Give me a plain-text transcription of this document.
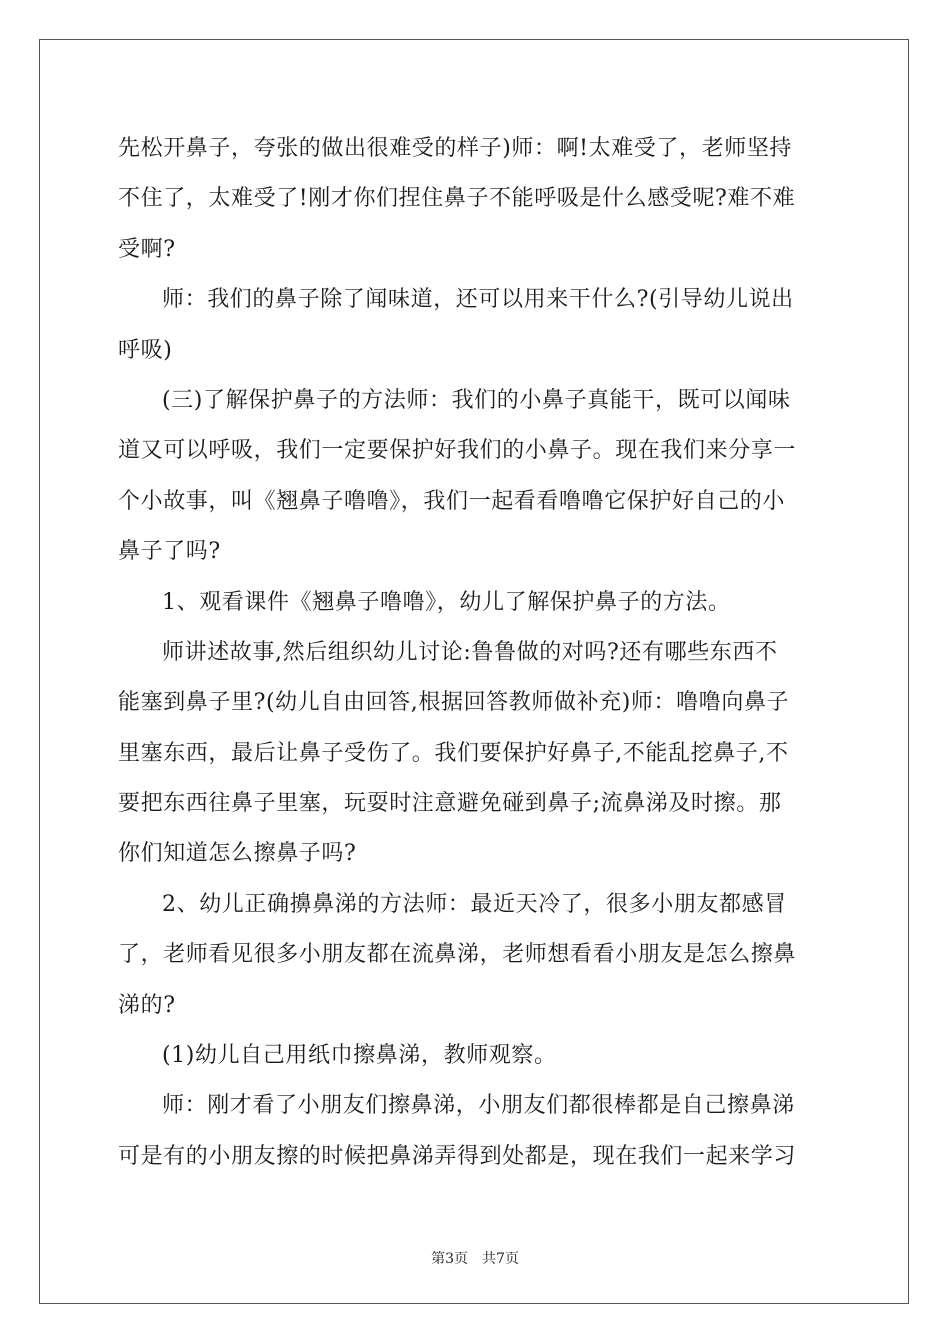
先松开鼻子，夸张的做出很难受的样子)师：啊!太难受了，老师坚持
不住了，太难受了!刚才你们捏住鼻子不能呼吸是什么感受呢?难不难
受啊?
师：我们的鼻子除了闻味道，还可以用来干什么?(引导幼儿说出
呼吸)
(三)了解保护鼻子的方法师：我们的小鼻子真能干，既可以闻味
道又可以呼吸，我们一定要保护好我们的小鼻子。现在我们来分享一
个小故事，叫《翘鼻子噜噜》，我们一起看看噜噜它保护好自己的小
鼻子了吗?
1、观看课件《翘鼻子噜噜》，幼儿了解保护鼻子的方法。
师讲述故事,然后组织幼儿讨论:鲁鲁做的对吗?还有哪些东西不
能塞到鼻子里?(幼儿自由回答,根据回答教师做补充)师：噜噜向鼻子
里塞东西，最后让鼻子受伤了。我们要保护好鼻子,不能乱挖鼻子,不
要把东西往鼻子里塞，玩耍时注意避免碰到鼻子;流鼻涕及时擦。那
你们知道怎么擦鼻子吗?
2、幼儿正确擤鼻涕的方法师：最近天冷了，很多小朋友都感冒
了，老师看见很多小朋友都在流鼻涕，老师想看看小朋友是怎么擦鼻
涕的?
(1)幼儿自己用纸巾擦鼻涕，教师观察。
师：刚才看了小朋友们擦鼻涕，小朋友们都很棒都是自己擦鼻涕
可是有的小朋友擦的时候把鼻涕弄得到处都是，现在我们一起来学习
第3页 共7页
